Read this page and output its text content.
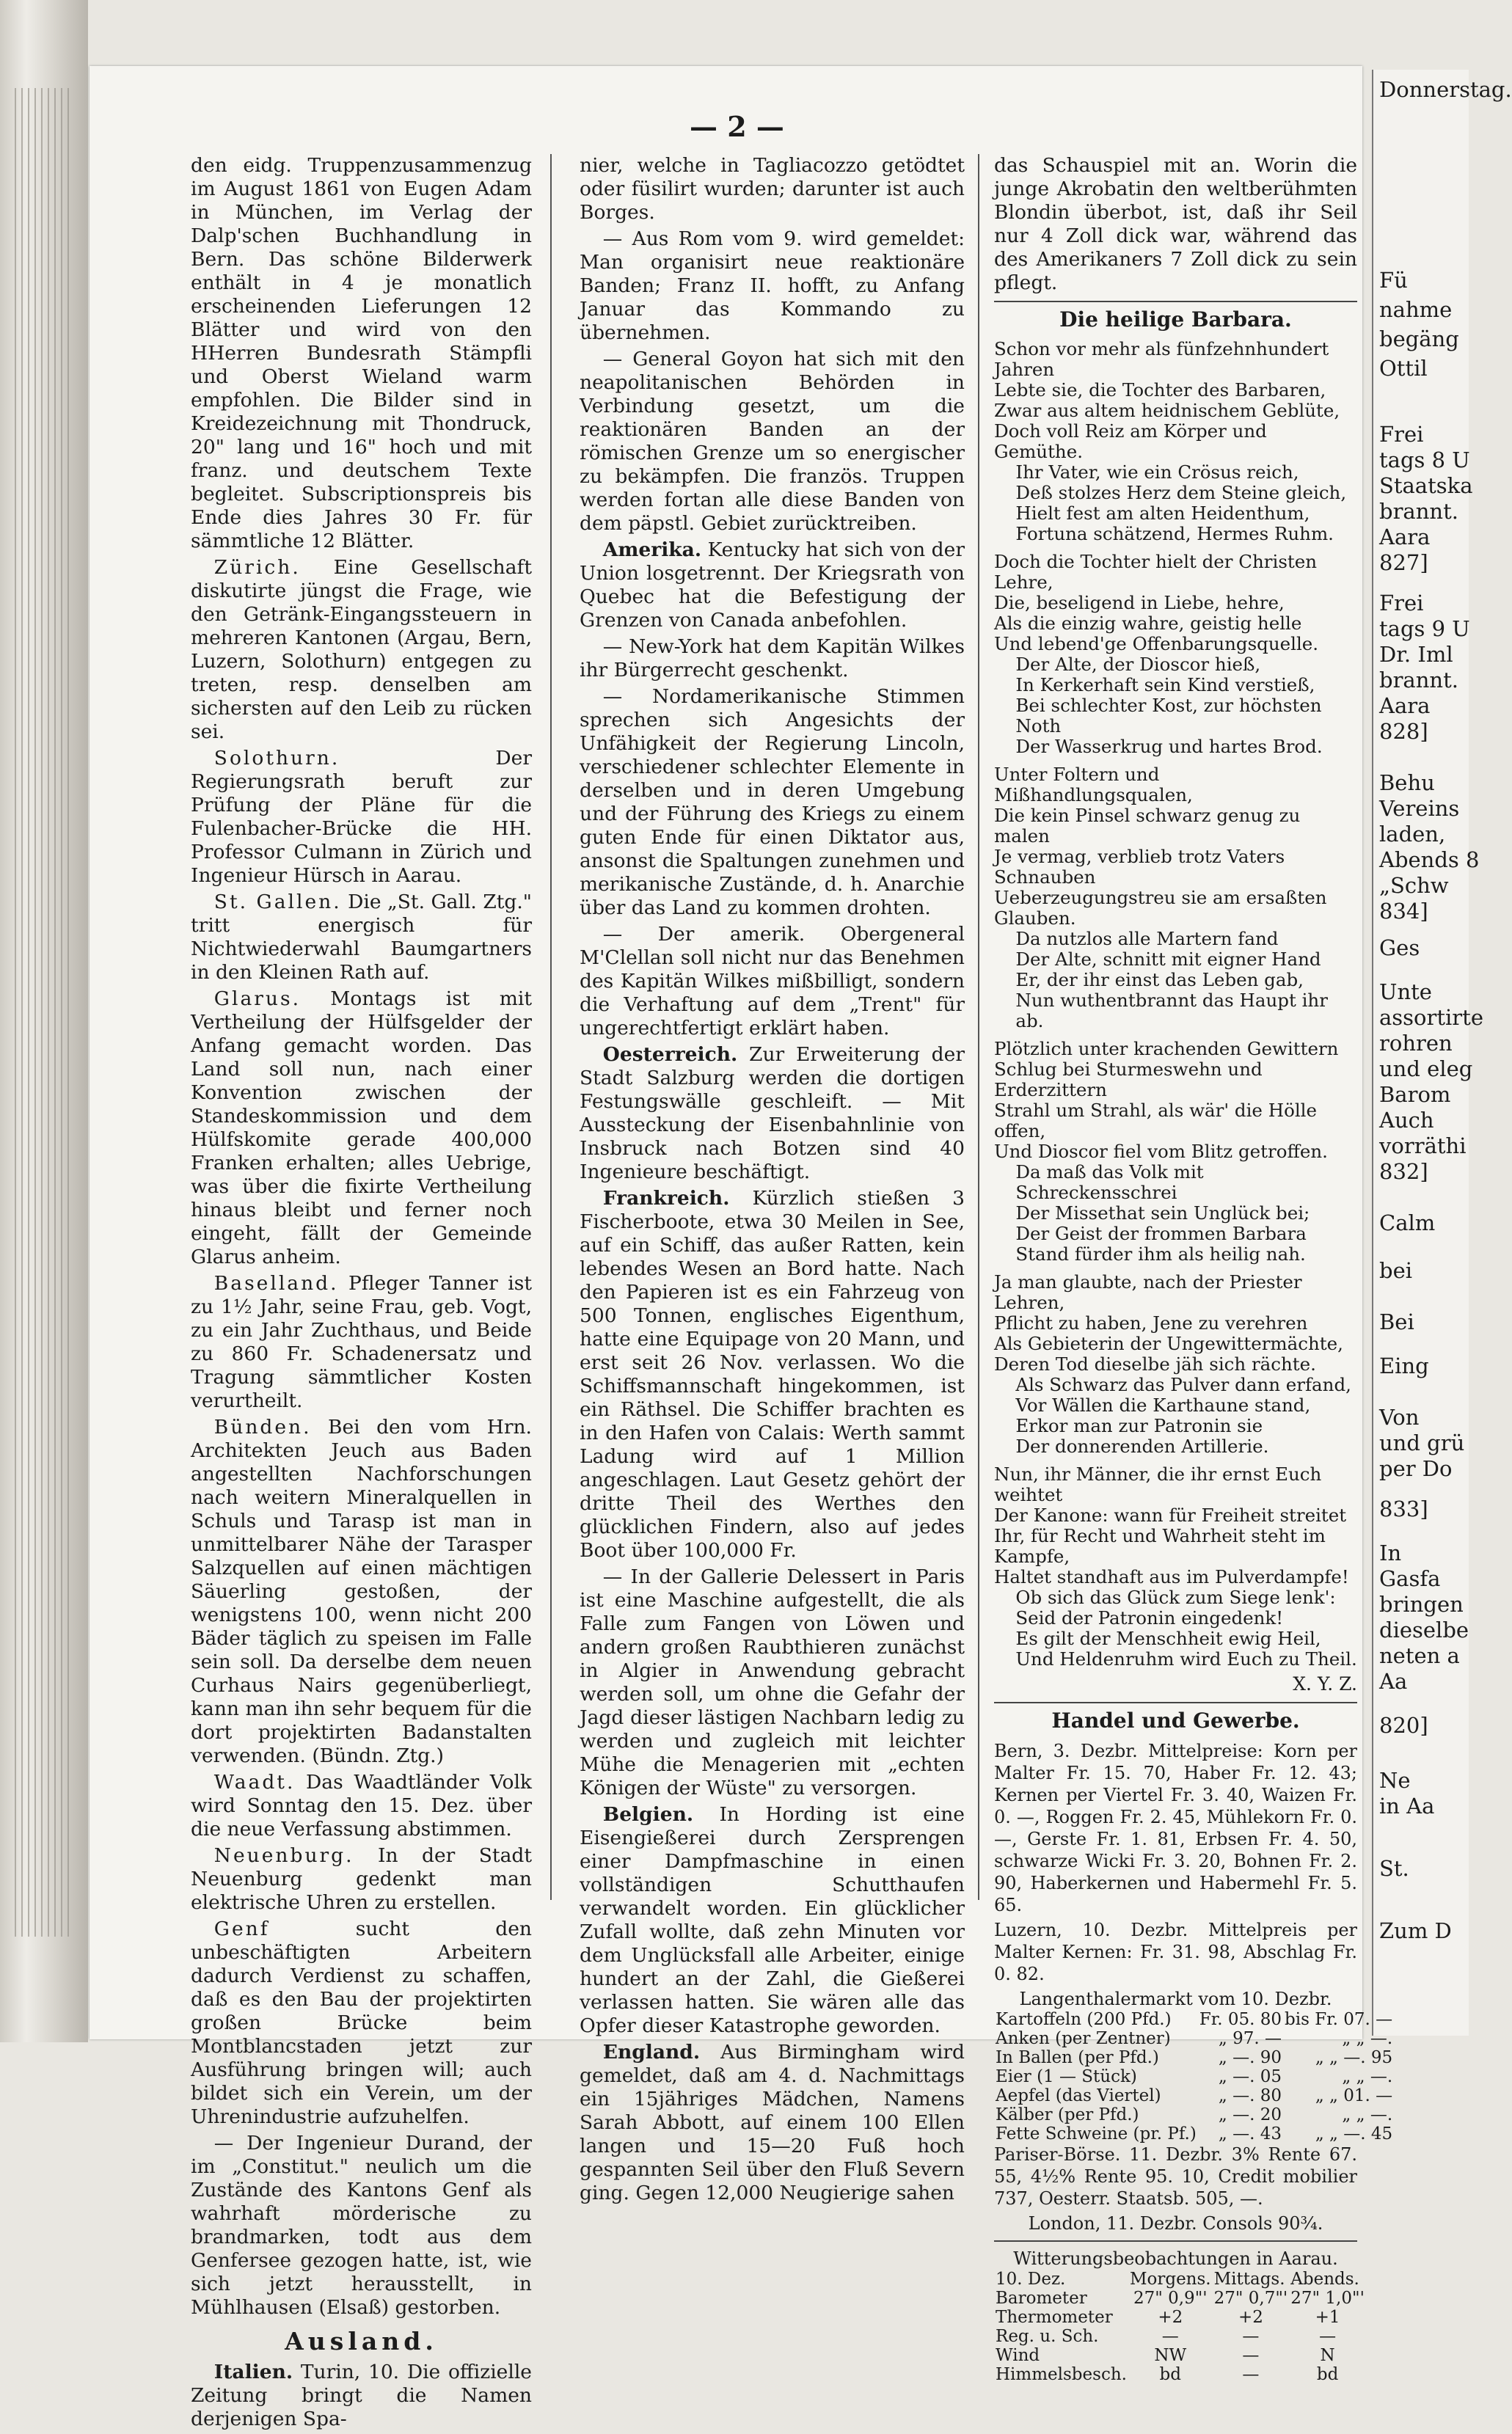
Donnerstag.
Fü
nahme
begäng
Ottil
Frei
tags 8 U
Staatska
brannt.
Aara
827]
Frei
tags 9 U
Dr. Iml
brannt.
Aara
828]
Behu
Vereins
laden,
Abends 8
„Schw
834]
Ges
Unte
assortirte
rohren
und eleg
Barom
Auch
vorräthi
832]
Calm
bei
Bei
Eing
Von
und grü
per Do
833]
In
Gasfa
bringen
dieselbe
neten a
Aa
820]
Ne
in Aa
St.
Zum D
— 2 —

den eidg. Truppenzusammenzug im August 1861 von Eugen Adam in München, im Verlag der Dalp'schen Buchhandlung in Bern. Das schöne Bilderwerk enthält in 4 je monatlich erscheinenden Lieferungen 12 Blätter und wird von den HHerren Bundesrath Stämpfli und Oberst Wieland warm empfohlen. Die Bilder sind in Kreidezeichnung mit Thondruck, 20" lang und 16" hoch und mit franz. und deutschem Texte begleitet. Subscriptionspreis bis Ende dies Jahres 30 Fr. für sämmtliche 12 Blätter.

Zürich. Eine Gesellschaft diskutirte jüngst die Frage, wie den Getränk-Eingangssteuern in mehreren Kantonen (Argau, Bern, Luzern, Solothurn) entgegen zu treten, resp. denselben am sichersten auf den Leib zu rücken sei.

Solothurn.	Der Regierungsrath beruft zur Prüfung der Pläne für die Fulenbacher-Brücke die HH. Professor Culmann in Zürich und Ingenieur Hürsch in Aarau.

St. Gallen. Die „St. Gall. Ztg." tritt energisch für Nichtwiederwahl Baumgartners in den Kleinen Rath auf.

Glarus. Montags ist mit Vertheilung der Hülfsgelder der Anfang gemacht worden. Das Land soll nun, nach einer Konvention zwischen der Standeskommission und dem Hülfskomite gerade 400,000 Franken erhalten; alles Uebrige, was über die fixirte Vertheilung hinaus bleibt und ferner noch eingeht, fällt der Gemeinde Glarus anheim.

Baselland. Pfleger Tanner ist zu 1½ Jahr, seine Frau, geb. Vogt, zu ein Jahr Zuchthaus, und Beide zu 860 Fr. Schadenersatz und Tragung sämmtlicher Kosten verurtheilt.

Bünden. Bei den vom Hrn. Architekten Jeuch aus Baden angestellten Nachforschungen nach weitern Mineralquellen in Schuls und Tarasp ist man in unmittelbarer Nähe der Tarasper Salzquellen auf einen mächtigen Säuerling gestoßen, der wenigstens 100, wenn nicht 200 Bäder täglich zu speisen im Falle sein soll. Da derselbe dem neuen Curhaus Nairs gegenüberliegt, kann man ihn sehr bequem für die dort projektirten Badanstalten verwenden. (Bündn. Ztg.)

Waadt. Das Waadtländer Volk wird Sonntag den 15. Dez. über die neue Verfassung abstimmen.

Neuenburg. In der Stadt Neuenburg gedenkt man elektrische Uhren zu erstellen.

Genf	sucht den unbeschäftigten Arbeitern dadurch Verdienst zu schaffen, daß es den Bau der projektirten großen Brücke beim Montblancstaden jetzt zur Ausführung bringen will; auch bildet sich ein Verein, um der Uhrenindustrie aufzuhelfen.

— Der Ingenieur Durand, der im „Constitut." neulich um die Zustände des Kantons Genf als wahrhaft mörderische zu brandmarken, todt aus dem Genfersee gezogen hatte, ist, wie sich jetzt herausstellt, in Mühlhausen (Elsaß) gestorben.

Ausland.

Italien. Turin, 10. Die offizielle Zeitung bringt die Namen derjenigen Spa-

nier, welche in Tagliacozzo getödtet oder füsilirt wurden; darunter ist auch Borges.

— Aus Rom vom 9. wird gemeldet: Man organisirt neue reaktionäre Banden; Franz II. hofft, zu Anfang Januar das Kommando zu übernehmen.

— General Goyon hat sich mit den neapolitanischen Behörden in Verbindung gesetzt, um die reaktionären Banden an der römischen Grenze um so energischer zu bekämpfen. Die französ. Truppen werden fortan alle diese Banden von dem päpstl. Gebiet zurücktreiben.

Amerika. Kentucky hat sich von der Union losgetrennt. Der Kriegsrath von Quebec hat die Befestigung der Grenzen von Canada anbefohlen.

— New-York hat dem Kapitän Wilkes ihr Bürgerrecht geschenkt.

— Nordamerikanische Stimmen sprechen sich Angesichts der Unfähigkeit der Regierung Lincoln, verschiedener schlechter Elemente in derselben und in deren Umgebung und der Führung des Kriegs zu einem guten Ende für einen Diktator aus, ansonst die Spaltungen zunehmen und merikanische Zustände, d. h. Anarchie über das Land zu kommen drohten.

— Der amerik. Obergeneral M'Clellan soll nicht nur das Benehmen des Kapitän Wilkes mißbilligt, sondern die Verhaftung auf dem „Trent" für ungerechtfertigt erklärt haben.

Oesterreich. Zur Erweiterung der Stadt Salzburg werden die dortigen Festungswälle geschleift. — Mit Aussteckung der Eisenbahnlinie von Insbruck nach Botzen sind 40 Ingenieure beschäftigt.

Frankreich. Kürzlich stießen 3 Fischerboote, etwa 30 Meilen in See, auf ein Schiff, das außer Ratten, kein lebendes Wesen an Bord hatte. Nach den Papieren ist es ein Fahrzeug von 500 Tonnen, englisches Eigenthum, hatte eine Equipage von 20 Mann, und erst seit 26 Nov. verlassen. Wo die Schiffsmannschaft hingekommen, ist ein Räthsel. Die Schiffer brachten es in den Hafen von Calais: Werth sammt Ladung wird auf 1 Million angeschlagen. Laut Gesetz gehört der dritte Theil des Werthes den glücklichen Findern, also auf jedes Boot über 100,000 Fr.

— In der Gallerie Delessert in Paris ist eine Maschine aufgestellt, die als Falle zum Fangen von Löwen und andern großen Raubthieren zunächst in Algier in Anwendung gebracht werden soll, um ohne die Gefahr der Jagd dieser lästigen Nachbarn ledig zu werden und zugleich mit leichter Mühe die Menagerien mit „echten Königen der Wüste" zu versorgen.

Belgien. In Hording ist eine Eisengießerei durch Zersprengen einer Dampfmaschine in einen vollständigen Schutthaufen verwandelt worden. Ein glücklicher Zufall wollte, daß zehn Minuten vor dem Unglücksfall alle Arbeiter, einige hundert an der Zahl, die Gießerei verlassen hatten. Sie wären alle das Opfer dieser Katastrophe geworden.

England. Aus Birmingham wird gemeldet, daß am 4. d. Nachmittags ein 15jähriges Mädchen, Namens Sarah Abbott, auf einem 100 Ellen langen und 15—20 Fuß hoch gespannten Seil über den Fluß Severn ging. Gegen 12,000 Neugierige sahen

das Schauspiel mit an. Worin die junge Akrobatin den weltberühmten Blondin überbot, ist, daß ihr Seil nur 4 Zoll dick war, während das des Amerikaners 7 Zoll dick zu sein pflegt.

Die heilige Barbara.
Schon vor mehr als fünfzehnhundert Jahren
Lebte sie, die Tochter des Barbaren,
Zwar aus altem heidnischem Geblüte,
Doch voll Reiz am Körper und Gemüthe.
Ihr Vater, wie ein Crösus reich,
Deß stolzes Herz dem Steine gleich,
Hielt fest am alten Heidenthum,
Fortuna schätzend, Hermes Ruhm.
Doch die Tochter hielt der Christen Lehre,
Die, beseligend in Liebe, hehre,
Als die einzig wahre, geistig helle
Und lebend'ge Offenbarungsquelle.
Der Alte, der Dioscor hieß,
In Kerkerhaft sein Kind verstieß,
Bei schlechter Kost, zur höchsten Noth
Der Wasserkrug und hartes Brod.
Unter Foltern und Mißhandlungsqualen,
Die kein Pinsel schwarz genug zu malen
Je vermag, verblieb trotz Vaters Schnauben
Ueberzeugungstreu sie am ersaßten Glauben.
Da nutzlos alle Martern fand
Der Alte, schnitt mit eigner Hand
Er, der ihr einst das Leben gab,
Nun wuthentbrannt das Haupt ihr ab.
Plötzlich unter krachenden Gewittern
Schlug bei Sturmeswehn und Erderzittern
Strahl um Strahl, als wär' die Hölle offen,
Und Dioscor fiel vom Blitz getroffen.
Da maß das Volk mit Schreckensschrei
Der Missethat sein Unglück bei;
Der Geist der frommen Barbara
Stand fürder ihm als heilig nah.
Ja man glaubte, nach der Priester Lehren,
Pflicht zu haben, Jene zu verehren
Als Gebieterin der Ungewittermächte,
Deren Tod dieselbe jäh sich rächte.
Als Schwarz das Pulver dann erfand,
Vor Wällen die Karthaune stand,
Erkor man zur Patronin sie
Der donnerenden Artillerie.
Nun, ihr Männer, die ihr ernst Euch weihtet
Der Kanone: wann für Freiheit streitet
Ihr, für Recht und Wahrheit steht im Kampfe,
Haltet standhaft aus im Pulverdampfe!
Ob sich das Glück zum Siege lenk':
Seid der Patronin eingedenk!
Es gilt der Menschheit ewig Heil,
Und Heldenruhm wird Euch zu Theil.
X. Y. Z.
Handel und Gewerbe.

Bern, 3. Dezbr. Mittelpreise: Korn per Malter Fr. 15. 70, Haber Fr. 12. 43; Kernen per Viertel Fr. 3. 40, Waizen Fr. 0. —, Roggen Fr. 2. 45, Mühlekorn Fr. 0. —, Gerste Fr. 1. 81, Erbsen Fr. 4. 50, schwarze Wicki Fr. 3. 20, Bohnen Fr. 2. 90, Haberkernen und Habermehl Fr. 5. 65.

Luzern, 10. Dezbr. Mittelpreis per Malter Kernen: Fr. 31. 98, Abschlag Fr. 0. 82.

Langenthalermarkt vom 10. Dezbr.
Kartoffeln (200 Pfd.)	Fr. 05. 80	bis Fr. 07. —
Anken (per Zentner)	„ 97. —	„ „ —.
In Ballen (per Pfd.)	„ —. 90	„ „ —. 95
Eier (1 — Stück)	„ —. 05	„ „ —.
Aepfel (das Viertel)	„ —. 80	„ „ 01. —
Kälber (per Pfd.)	„ —. 20	„ „ —.
Fette Schweine (pr. Pf.)	„ —. 43	„ „ —. 45

Pariser-Börse. 11. Dezbr. 3% Rente 67. 55, 4½% Rente 95. 10, Credit mobilier 737, Oesterr. Staatsb. 505, —.

London, 11. Dezbr. Consols 90¾.

Witterungsbeobachtungen in Aarau.
10. Dez.	Morgens.	Mittags.	Abends.
Barometer	27" 0,9"'	27" 0,7"'	27" 1,0"'
Thermometer	+2	+2	+1
Reg. u. Sch.	—	—	—
Wind	NW	—	N
Himmelsbesch.	bd	—	bd
